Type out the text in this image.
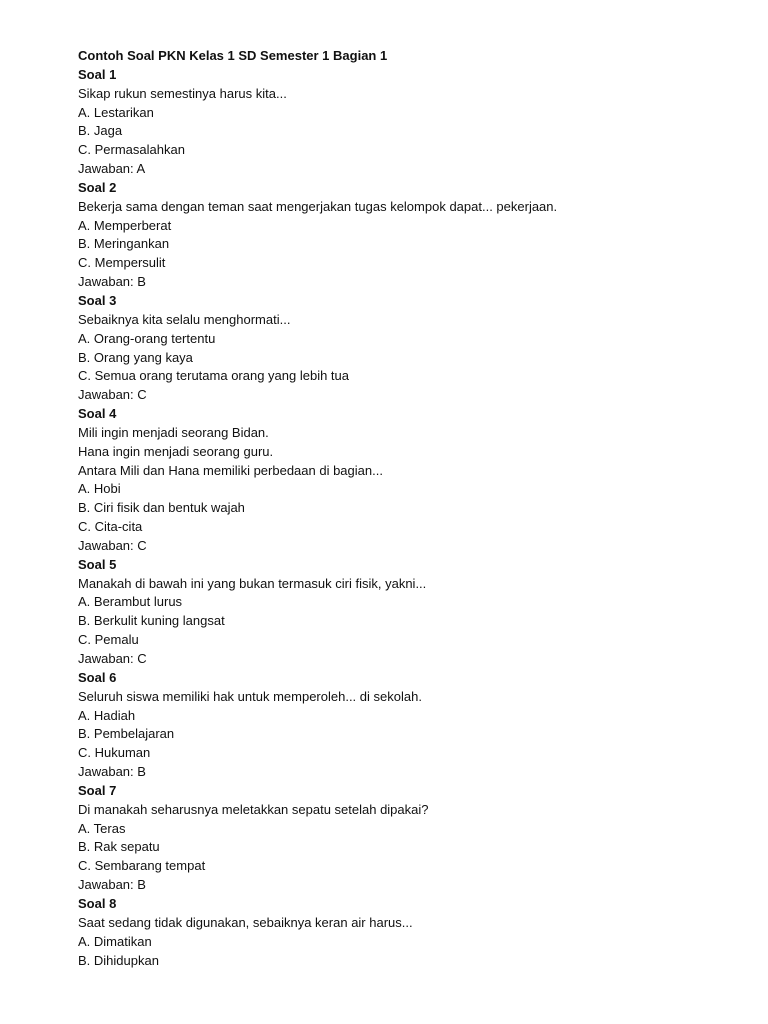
Contoh Soal PKN Kelas 1 SD Semester 1 Bagian 1
Soal 1
Sikap rukun semestinya harus kita...
A. Lestarikan
B. Jaga
C. Permasalahkan
Jawaban: A
Soal 2
Bekerja sama dengan teman saat mengerjakan tugas kelompok dapat... pekerjaan.
A. Memperberat
B. Meringankan
C. Mempersulit
Jawaban: B
Soal 3
Sebaiknya kita selalu menghormati...
A. Orang-orang tertentu
B. Orang yang kaya
C. Semua orang terutama orang yang lebih tua
Jawaban: C
Soal 4
Mili ingin menjadi seorang Bidan.
Hana ingin menjadi seorang guru.
Antara Mili dan Hana memiliki perbedaan di bagian...
A. Hobi
B. Ciri fisik dan bentuk wajah
C. Cita-cita
Jawaban: C
Soal 5
Manakah di bawah ini yang bukan termasuk ciri fisik, yakni...
A. Berambut lurus
B. Berkulit kuning langsat
C. Pemalu
Jawaban: C
Soal 6
Seluruh siswa memiliki hak untuk memperoleh... di sekolah.
A. Hadiah
B. Pembelajaran
C. Hukuman
Jawaban: B
Soal 7
Di manakah seharusnya meletakkan sepatu setelah dipakai?
A. Teras
B. Rak sepatu
C. Sembarang tempat
Jawaban: B
Soal 8
Saat sedang tidak digunakan, sebaiknya keran air harus...
A. Dimatikan
B. Dihidupkan
